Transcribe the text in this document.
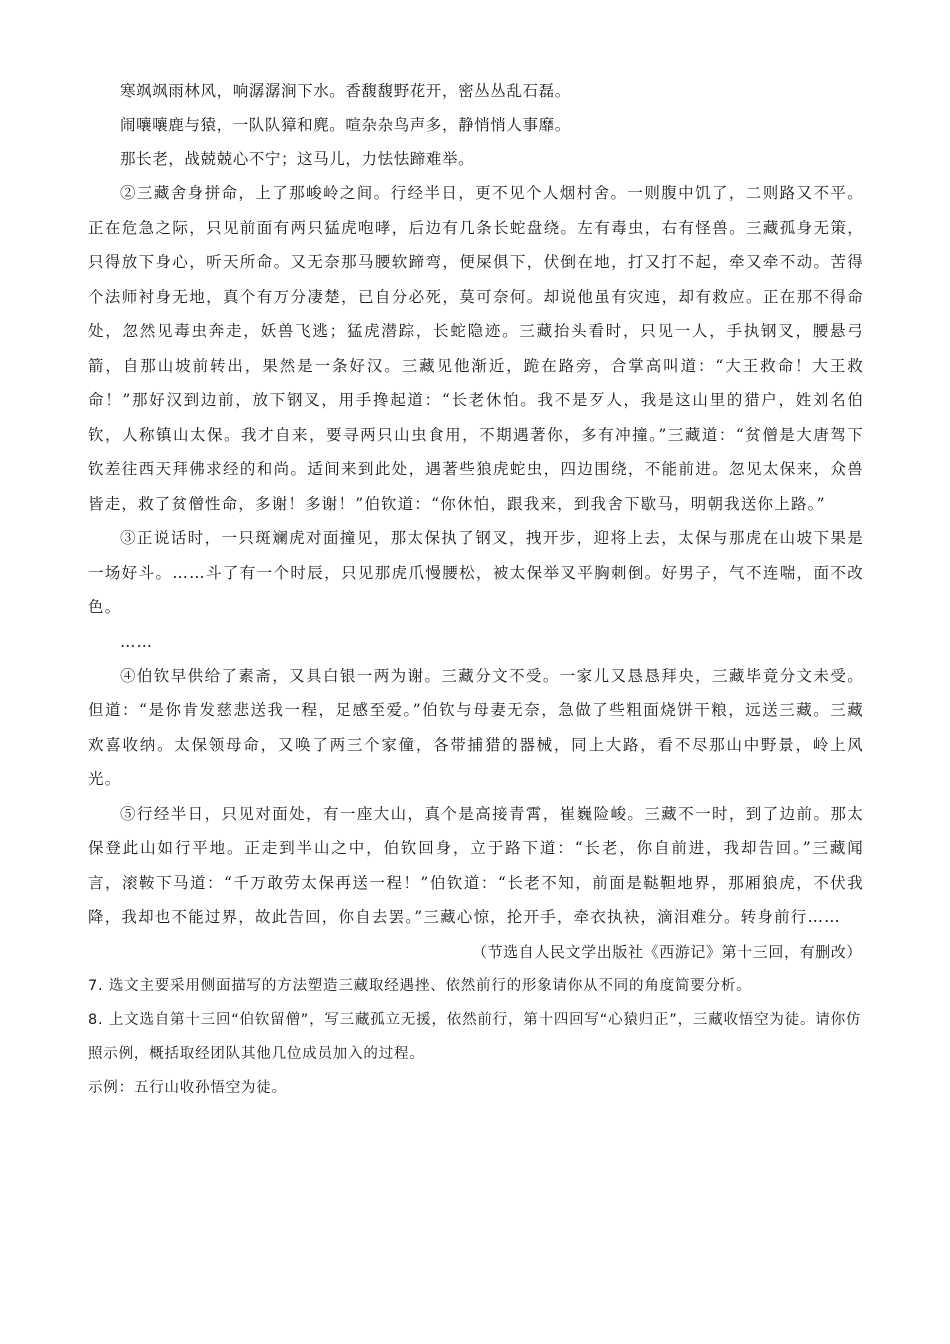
寒飒飒雨林风，响潺潺涧下水。香馥馥野花开，密丛丛乱石磊。
闹嚷嚷鹿与猿，一队队獐和麂。喧杂杂鸟声多，静悄悄人事靡。
那长老，战兢兢心不宁；这马儿，力怯怯蹄难举。

②三藏舍身拼命，上了那峻岭之间。行经半日，更不见个人烟村舍。一则腹中饥了，二则路又不平。正在危急之际，只见前面有两只猛虎咆哮，后边有几条长蛇盘绕。左有毒虫，右有怪兽。三藏孤身无策，只得放下身心，听天所命。又无奈那马腰软蹄弯，便屎俱下，伏倒在地，打又打不起，牵又牵不动。苦得个法师衬身无地，真个有万分凄楚，已自分必死，莫可奈何。却说他虽有灾迍，却有救应。正在那不得命处，忽然见毒虫奔走，妖兽飞逃；猛虎潜踪，长蛇隐迹。三藏抬头看时，只见一人，手执钢叉，腰悬弓箭，自那山坡前转出，果然是一条好汉。三藏见他渐近，跪在路旁，合掌高叫道：“大王救命！大王救命！”那好汉到边前，放下钢叉，用手搀起道：“长老休怕。我不是歹人，我是这山里的猎户，姓刘名伯钦，人称镇山太保。我才自来，要寻两只山虫食用，不期遇著你，多有冲撞。”三藏道：“贫僧是大唐驾下钦差往西天拜佛求经的和尚。适间来到此处，遇著些狼虎蛇虫，四边围绕，不能前进。忽见太保来，众兽皆走，救了贫僧性命，多谢！多谢！”伯钦道：“你休怕，跟我来，到我舍下歇马，明朝我送你上路。”

③正说话时，一只斑斓虎对面撞见，那太保执了钢叉，拽开步，迎将上去，太保与那虎在山坡下果是一场好斗。……斗了有一个时辰，只见那虎爪慢腰松，被太保举叉平胸刺倒。好男子，气不连喘，面不改色。

……

④伯钦早供给了素斋，又具白银一两为谢。三藏分文不受。一家儿又恳恳拜央，三藏毕竟分文未受。但道：“是你肯发慈悲送我一程，足感至爱。”伯钦与母妻无奈，急做了些粗面烧饼干粮，远送三藏。三藏欢喜收纳。太保领母命，又唤了两三个家僮，各带捕猎的器械，同上大路，看不尽那山中野景，岭上风光。

⑤行经半日，只见对面处，有一座大山，真个是高接青霄，崔巍险峻。三藏不一时，到了边前。那太保登此山如行平地。正走到半山之中，伯钦回身，立于路下道：“长老，你自前进，我却告回。”三藏闻言，滚鞍下马道：“千万敢劳太保再送一程！”伯钦道：“长老不知，前面是鞑靼地界，那厢狼虎，不伏我降，我却也不能过界，故此告回，你自去罢。”三藏心惊，抡开手，牵衣执袂，滴泪难分。转身前行……

（节选自人民文学出版社《西游记》第十三回，有删改）

7. 选文主要采用侧面描写的方法塑造三藏取经遇挫、依然前行的形象请你从不同的角度简要分析。

8. 上文选自第十三回“伯钦留僧”，写三藏孤立无援，依然前行，第十四回写“心猿归正”，三藏收悟空为徒。请你仿照示例，概括取经团队其他几位成员加入的过程。

示例：五行山收孙悟空为徒。
